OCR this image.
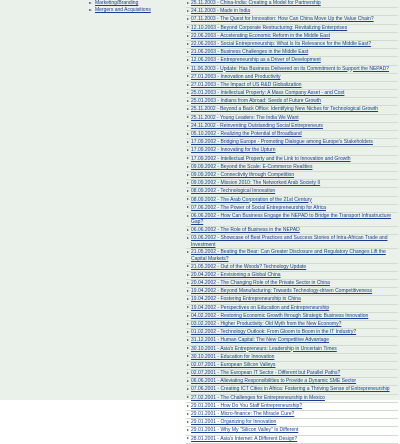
Marketing/Branding
Mergers and Acquisitions
25.11.2003 - China-India: Creating a Model for Partnership
24.11.2003 - Made in India
07.11.2003 - The Quest for Innovation: How Can China Move Up the Value Chain?
12.10.2003 - Beyond Corporate Restructuring: Revitalizing Enterprises
22.06.2003 - Accelerating Economic Reform in the Middle East
22.06.2003 - Social Entrepreneurship: What Is Its Relevance for the Middle East?
21.06.2003 - Business Challenges in the Middle East
12.06.2003 - Entrepreneurship as a Driver of Development
11.06.2003 - Update: Has Business Delivered on its Commitment to Support the NEPAD?
27.01.2003 - Innovation and Productivity
27.01.2003 - The Impact of US R&D Globalization
25.01.2003 - Intellectual Property: A Mass Company Asset - and Cost
25.01.2003 - Indians from Abroad: Seeds of Future Growth
25.11.2002 - Beyond a Back Office: Identifying New Niches for Technological Growth
25.11.2002 - Young Leaders: The India We Want
24.11.2002 - Reinventing Outstanding Social Entrepreneurs
05.10.2002 - Realizing the Potential of Broadband
17.09.2002 - Bridging Europe - Promoting Dialogue among Europe's Stakeholders
17.09.2002 - Innovating for the Upturn
17.09.2002 - Intellectual Property and the Link to Innovation and Growth
09.09.2002 - Beyond the Scale: E-Commerce Realities
09.09.2002 - Connectivity through Competition
09.09.2002 - Mission 2010: The Networked Arab Society II
08.09.2002 - Technological Innovation
08.09.2002 - The Arab Corporation of the 21st Century
07.06.2002 - The Power of Social Entrepreneurship for Africa
06.06.2002 - How Can Business Engage the NEPAD to Bridge the Transport Infrastructure Gap?
06.06.2002 - The Role of Business in the NEPAD
03.06.2002 - Showcase of Best Practices and Success Stories of Intra-African Trade and Investment
21.05.2002 - Beating the Bear: Can Greater Disclosure and Regulatory Changes Lift the Capital Markets?
21.05.2002 - Out of the Woods? Technology Update
20.04.2002 - Envisioning a Global China
20.04.2002 - The Changing Role of the Private Sector in China
19.04.2002 - Beyond Manufacturing: Towards Technology-driven Competitiveness
19.04.2002 - Fostering Entrepreneurship in China
19.04.2002 - Perspectives on Education and Entrepreneurship
04.02.2002 - Restoring Economic Growth through Strategic Business Innovation
03.02.2002 - Higher Productivity: Old Myth from the New Economy?
01.02.2002 - Technology Outlook: From Gloom to Boom in the IT Industry?
31.12.2001 - Human Capital: The New Competitive Advantage
30.10.2001 - Asia's Entrepreneurs: Leadership in Uncertain Times
30.10.2001 - Education for Innovation
02.07.2001 - European Silicon Valleys
02.07.2001 - The European IT Sector - Different but Parallel Paths?
06.06.2001 - Alleviating Responsibilities to Provide a Dynamic SME Sector
07.06.2001 - Creating ICT Cities in Africa: Fostering a Thriving Sense of Entrepreneurship
27.02.2001 - The Challenges for Entrepreneurship in Mexico
29.01.2001 - How Do You Staff Entrepreneurship?
29.01.2001 - Micro-finance: The Miracle Cure?
29.01.2001 - Organizing for Innovation
29.01.2001 - Why My "Silicon Valley" Is Different
28.01.2001 - Asia's Internet: A Different Design?
